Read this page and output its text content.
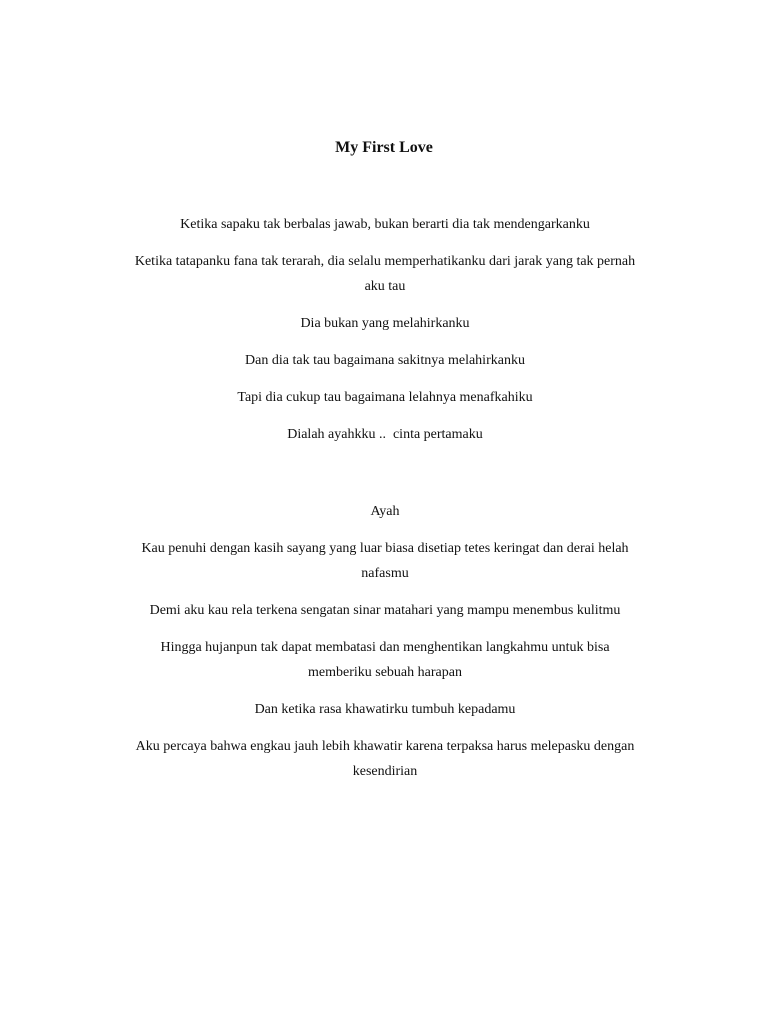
My First Love

Ketika sapaku tak berbalas jawab, bukan berarti dia tak mendengarkanku

Ketika tatapanku fana tak terarah, dia selalu memperhatikanku dari jarak yang tak pernah aku tau

Dia bukan yang melahirkanku

Dan dia tak tau bagaimana sakitnya melahirkanku

Tapi dia cukup tau bagaimana lelahnya menafkahiku

Dialah ayahkku ..  cinta pertamaku

Ayah

Kau penuhi dengan kasih sayang yang luar biasa disetiap tetes keringat dan derai helah nafasmu

Demi aku kau rela terkena sengatan sinar matahari yang mampu menembus kulitmu

Hingga hujanpun tak dapat membatasi dan menghentikan langkahmu untuk bisa memberiku sebuah harapan

Dan ketika rasa khawatirku tumbuh kepadamu

Aku percaya bahwa engkau jauh lebih khawatir karena terpaksa harus melepasku dengan kesendirian
